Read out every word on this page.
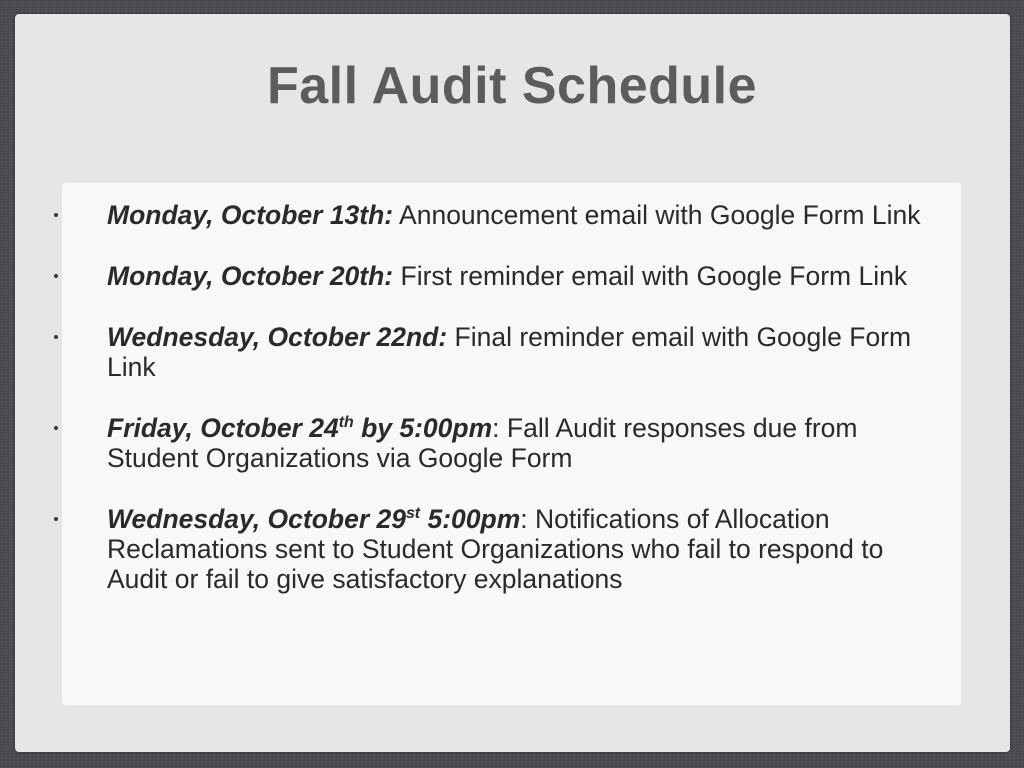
Fall Audit Schedule
Monday, October 13th: Announcement email with Google Form Link
Monday, October 20th: First reminder email with Google Form Link
Wednesday, October 22nd: Final reminder email with Google Form Link
Friday, October 24th by 5:00pm: Fall Audit responses due from Student Organizations via Google Form
Wednesday, October 29st 5:00pm: Notifications of Allocation Reclamations sent to Student Organizations who fail to respond to Audit or fail to give satisfactory explanations
